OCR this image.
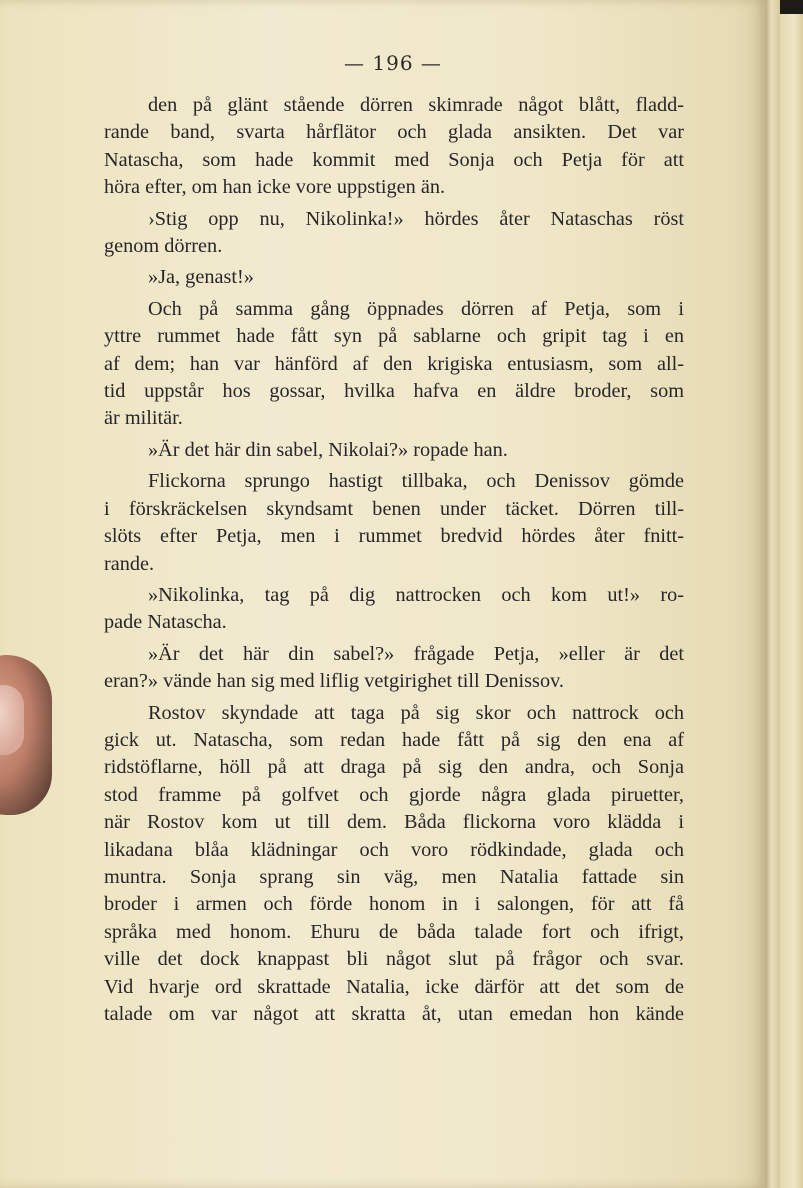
— 196 —
den på glänt stående dörren skimrade något blått, fladd-
rande band, svarta hårflätor och glada ansikten. Det var
Natascha, som hade kommit med Sonja och Petja för att
höra efter, om han icke vore uppstigen än.
›Stig opp nu, Nikolinka!» hördes åter Nataschas röst
genom dörren.
»Ja, genast!»
Och på samma gång öppnades dörren af Petja, som i
yttre rummet hade fått syn på sablarne och gripit tag i en
af dem; han var hänförd af den krigiska entusiasm, som all-
tid uppstår hos gossar, hvilka hafva en äldre broder, som
är militär.
»Är det här din sabel, Nikolai?» ropade han.
Flickorna sprungo hastigt tillbaka, och Denissov gömde
i förskräckelsen skyndsamt benen under täcket. Dörren till-
slöts efter Petja, men i rummet bredvid hördes åter fnitt-
rande.
»Nikolinka, tag på dig nattrocken och kom ut!» ro-
pade Natascha.
»Är det här din sabel?» frågade Petja, »eller är det
eran?» vände han sig med liflig vetgirighet till Denissov.
Rostov skyndade att taga på sig skor och nattrock och
gick ut. Natascha, som redan hade fått på sig den ena af
ridstöflarne, höll på att draga på sig den andra, och Sonja
stod framme på golfvet och gjorde några glada piruetter,
när Rostov kom ut till dem. Båda flickorna voro klädda i
likadana blåa klädningar och voro rödkindade, glada och
muntra. Sonja sprang sin väg, men Natalia fattade sin
broder i armen och förde honom in i salongen, för att få
språka med honom. Ehuru de båda talade fort och ifrigt,
ville det dock knappast bli något slut på frågor och svar.
Vid hvarje ord skrattade Natalia, icke därför att det som de
talade om var något att skratta åt, utan emedan hon kände
